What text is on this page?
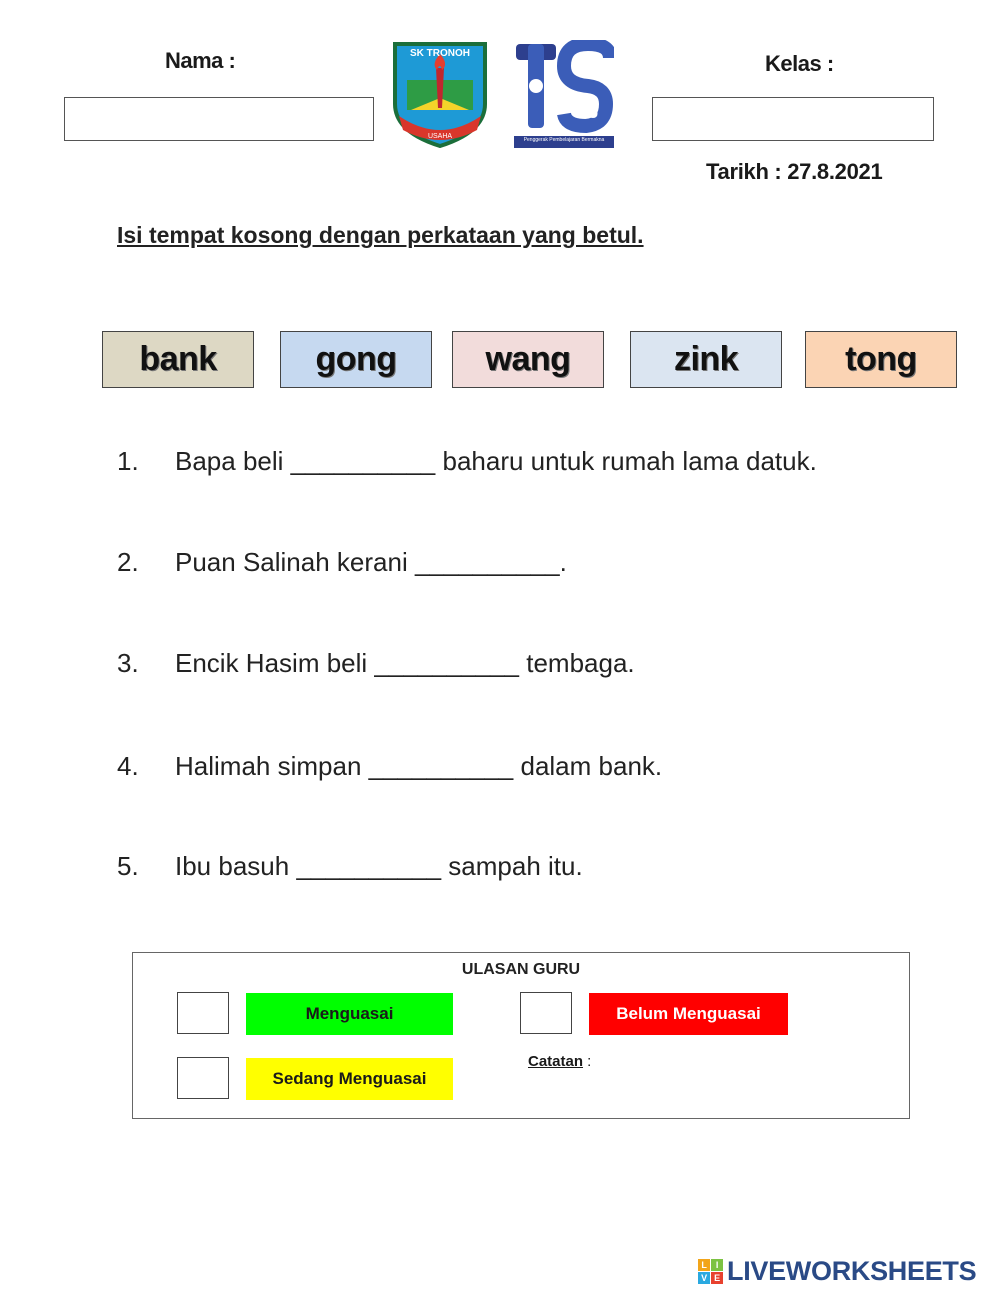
Nama :
USAHA
SK TRONOH
25
Penggerak Pembelajaran Bermakna
Kelas :
Tarikh : 27.8.2021
Isi tempat kosong dengan perkataan yang betul.
bank	gong	wang	zink	tong
1. Bapa beli __________ baharu untuk rumah lama datuk.
2. Puan Salinah kerani __________.
3. Encik Hasim beli __________ tembaga.
4. Halimah simpan __________ dalam bank.
5. Ibu basuh __________ sampah itu.
ULASAN GURU
Menguasai
Sedang Menguasai
Belum Menguasai
Catatan :
L	I
V E LIVEWORKSHEETS
